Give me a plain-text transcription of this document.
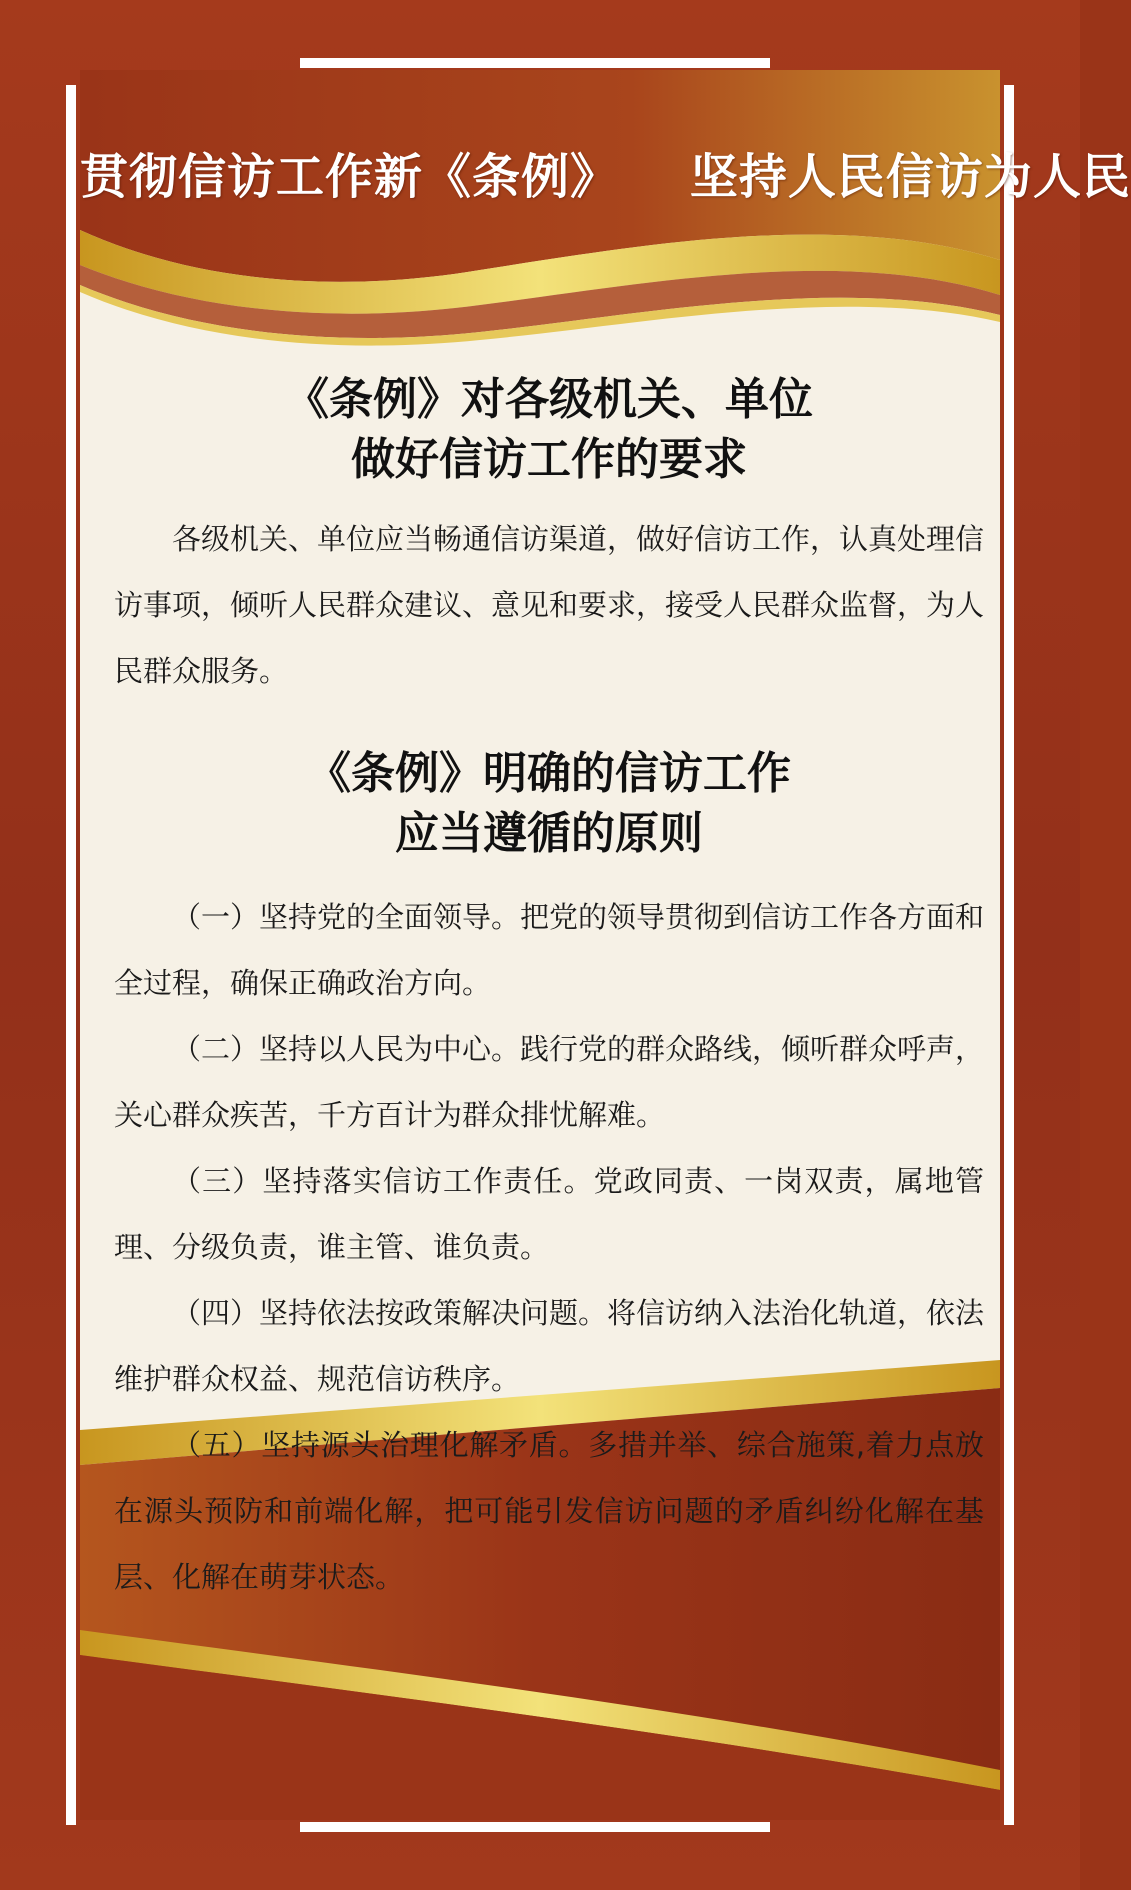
贯彻信访工作新《条例》 坚持人民信访为人民
《条例》对各级机关、单位
做好信访工作的要求

各级机关、单位应当畅通信访渠道，做好信访工作，认真处理信访事项，倾听人民群众建议、意见和要求，接受人民群众监督，为人民群众服务。

《条例》明确的信访工作
应当遵循的原则

（一）坚持党的全面领导。把党的领导贯彻到信访工作各方面和全过程，确保正确政治方向。

（二）坚持以人民为中心。践行党的群众路线，倾听群众呼声，关心群众疾苦，千方百计为群众排忧解难。

（三）坚持落实信访工作责任。党政同责、一岗双责，属地管理、分级负责，谁主管、谁负责。

（四）坚持依法按政策解决问题。将信访纳入法治化轨道，依法维护群众权益、规范信访秩序。

（五）坚持源头治理化解矛盾。多措并举、综合施策,着力点放在源头预防和前端化解，把可能引发信访问题的矛盾纠纷化解在基层、化解在萌芽状态。
